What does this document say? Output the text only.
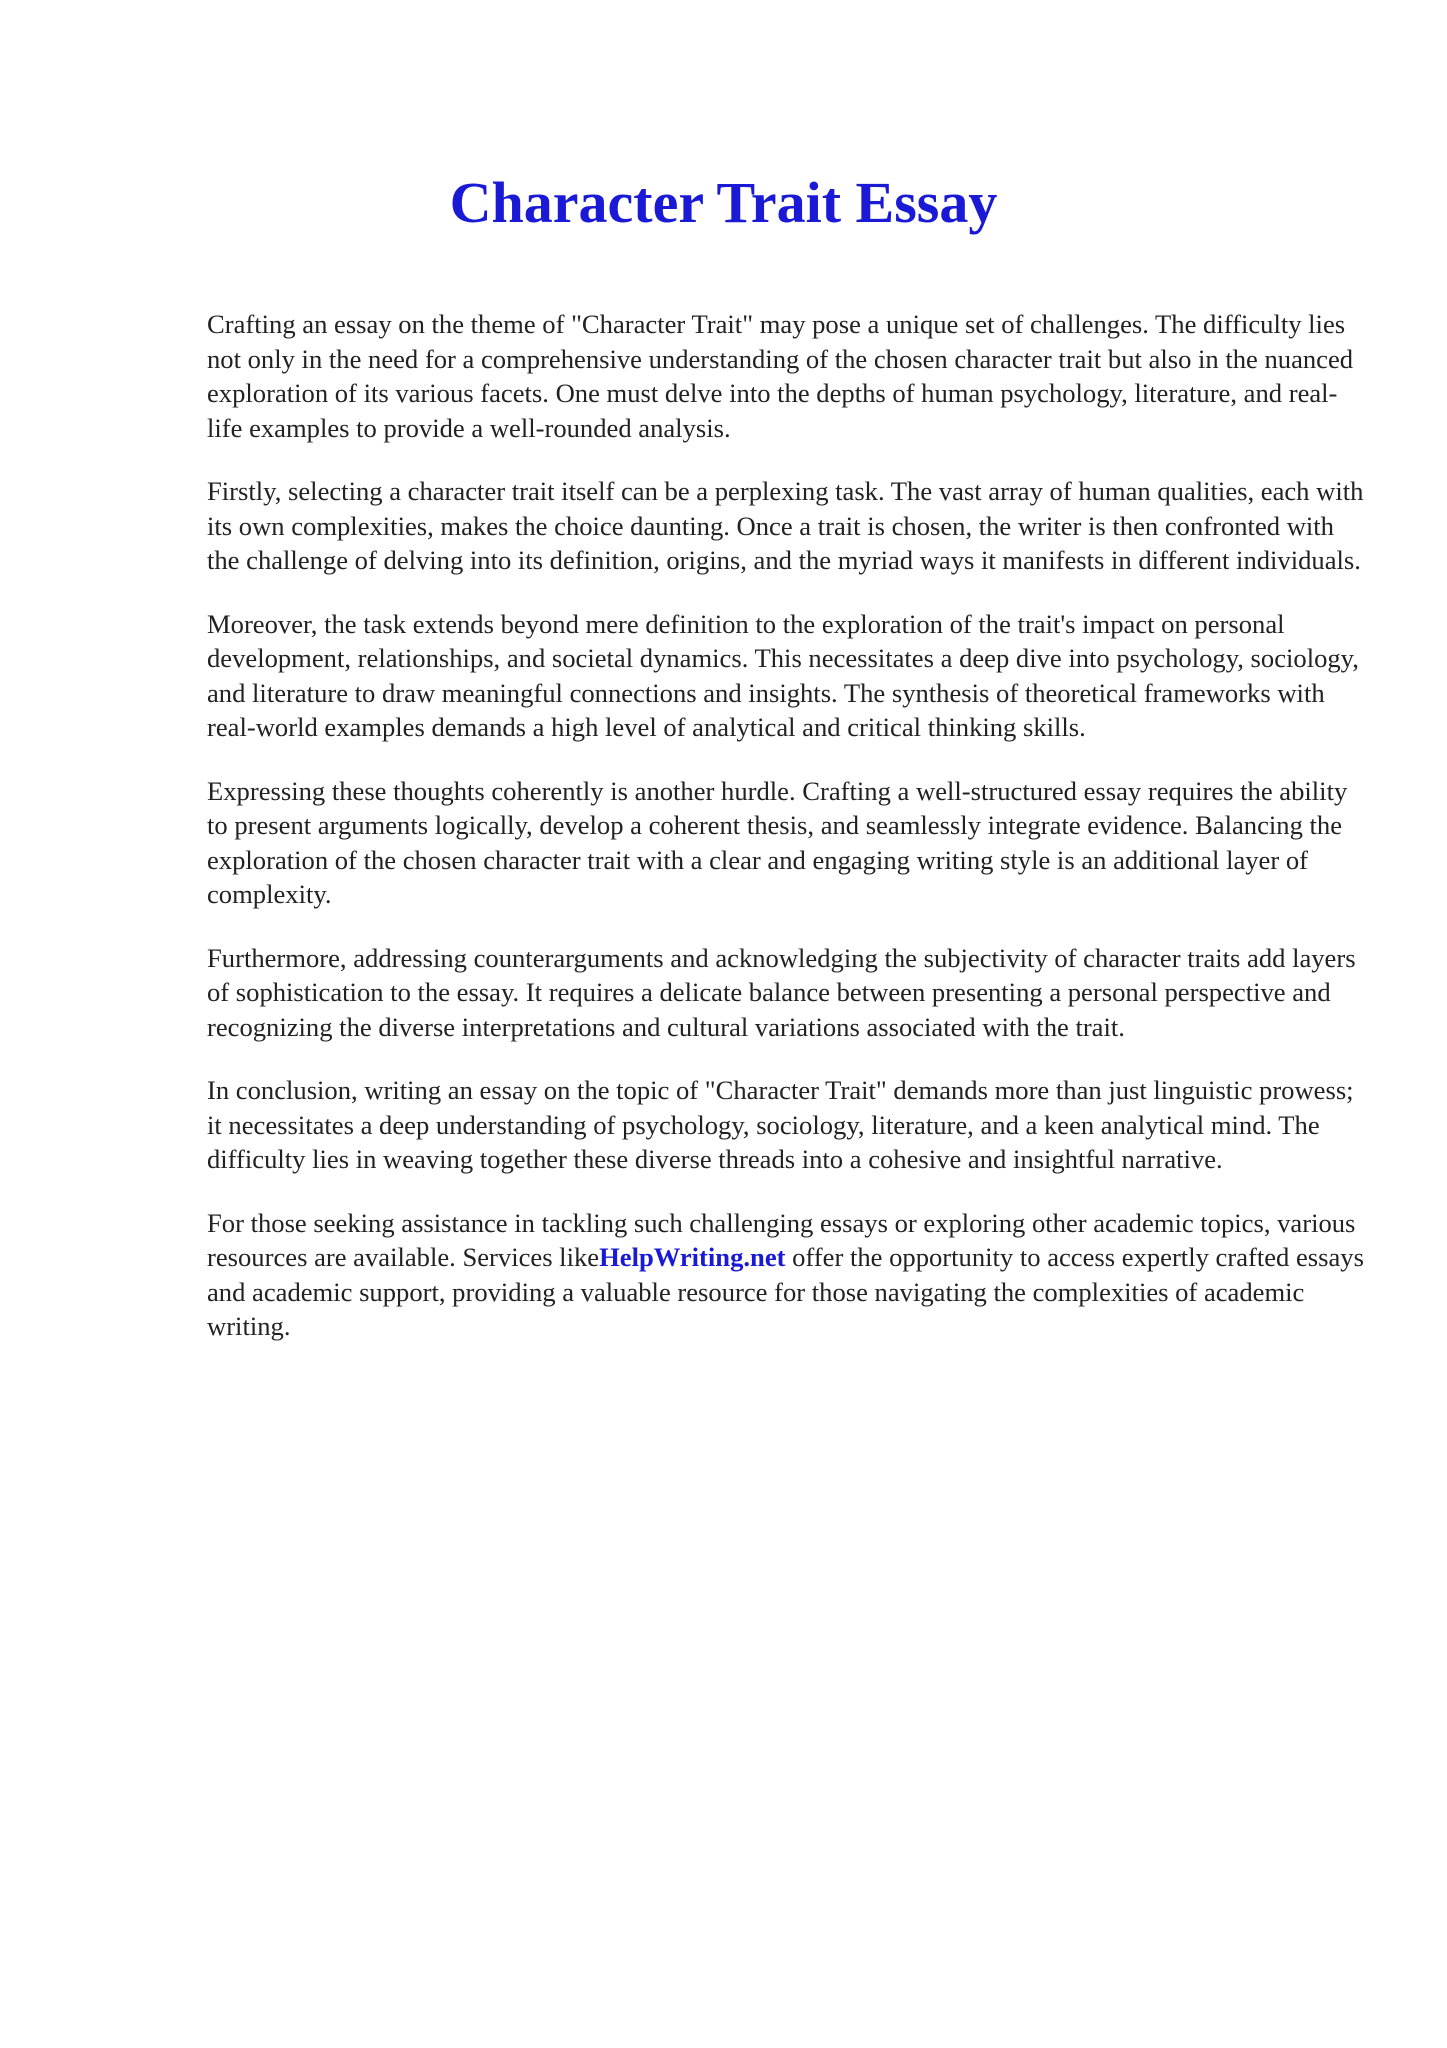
Character Trait Essay

Crafting an essay on the theme of "Character Trait" may pose a unique set of challenges. The difficulty lies not only in the need for a comprehensive understanding of the chosen character trait but also in the nuanced exploration of its various facets. One must delve into the depths of human psychology, literature, and real-life examples to provide a well-rounded analysis.

Firstly, selecting a character trait itself can be a perplexing task. The vast array of human qualities, each with its own complexities, makes the choice daunting. Once a trait is chosen, the writer is then confronted with the challenge of delving into its definition, origins, and the myriad ways it manifests in different individuals.

Moreover, the task extends beyond mere definition to the exploration of the trait's impact on personal development, relationships, and societal dynamics. This necessitates a deep dive into psychology, sociology, and literature to draw meaningful connections and insights. The synthesis of theoretical frameworks with real-world examples demands a high level of analytical and critical thinking skills.

Expressing these thoughts coherently is another hurdle. Crafting a well-structured essay requires the ability to present arguments logically, develop a coherent thesis, and seamlessly integrate evidence. Balancing the exploration of the chosen character trait with a clear and engaging writing style is an additional layer of complexity.

Furthermore, addressing counterarguments and acknowledging the subjectivity of character traits add layers of sophistication to the essay. It requires a delicate balance between presenting a personal perspective and recognizing the diverse interpretations and cultural variations associated with the trait.

In conclusion, writing an essay on the topic of "Character Trait" demands more than just linguistic prowess; it necessitates a deep understanding of psychology, sociology, literature, and a keen analytical mind. The difficulty lies in weaving together these diverse threads into a cohesive and insightful narrative.

For those seeking assistance in tackling such challenging essays or exploring other academic topics, various resources are available. Services likeHelpWriting.net offer the opportunity to access expertly crafted essays and academic support, providing a valuable resource for those navigating the complexities of academic writing.
